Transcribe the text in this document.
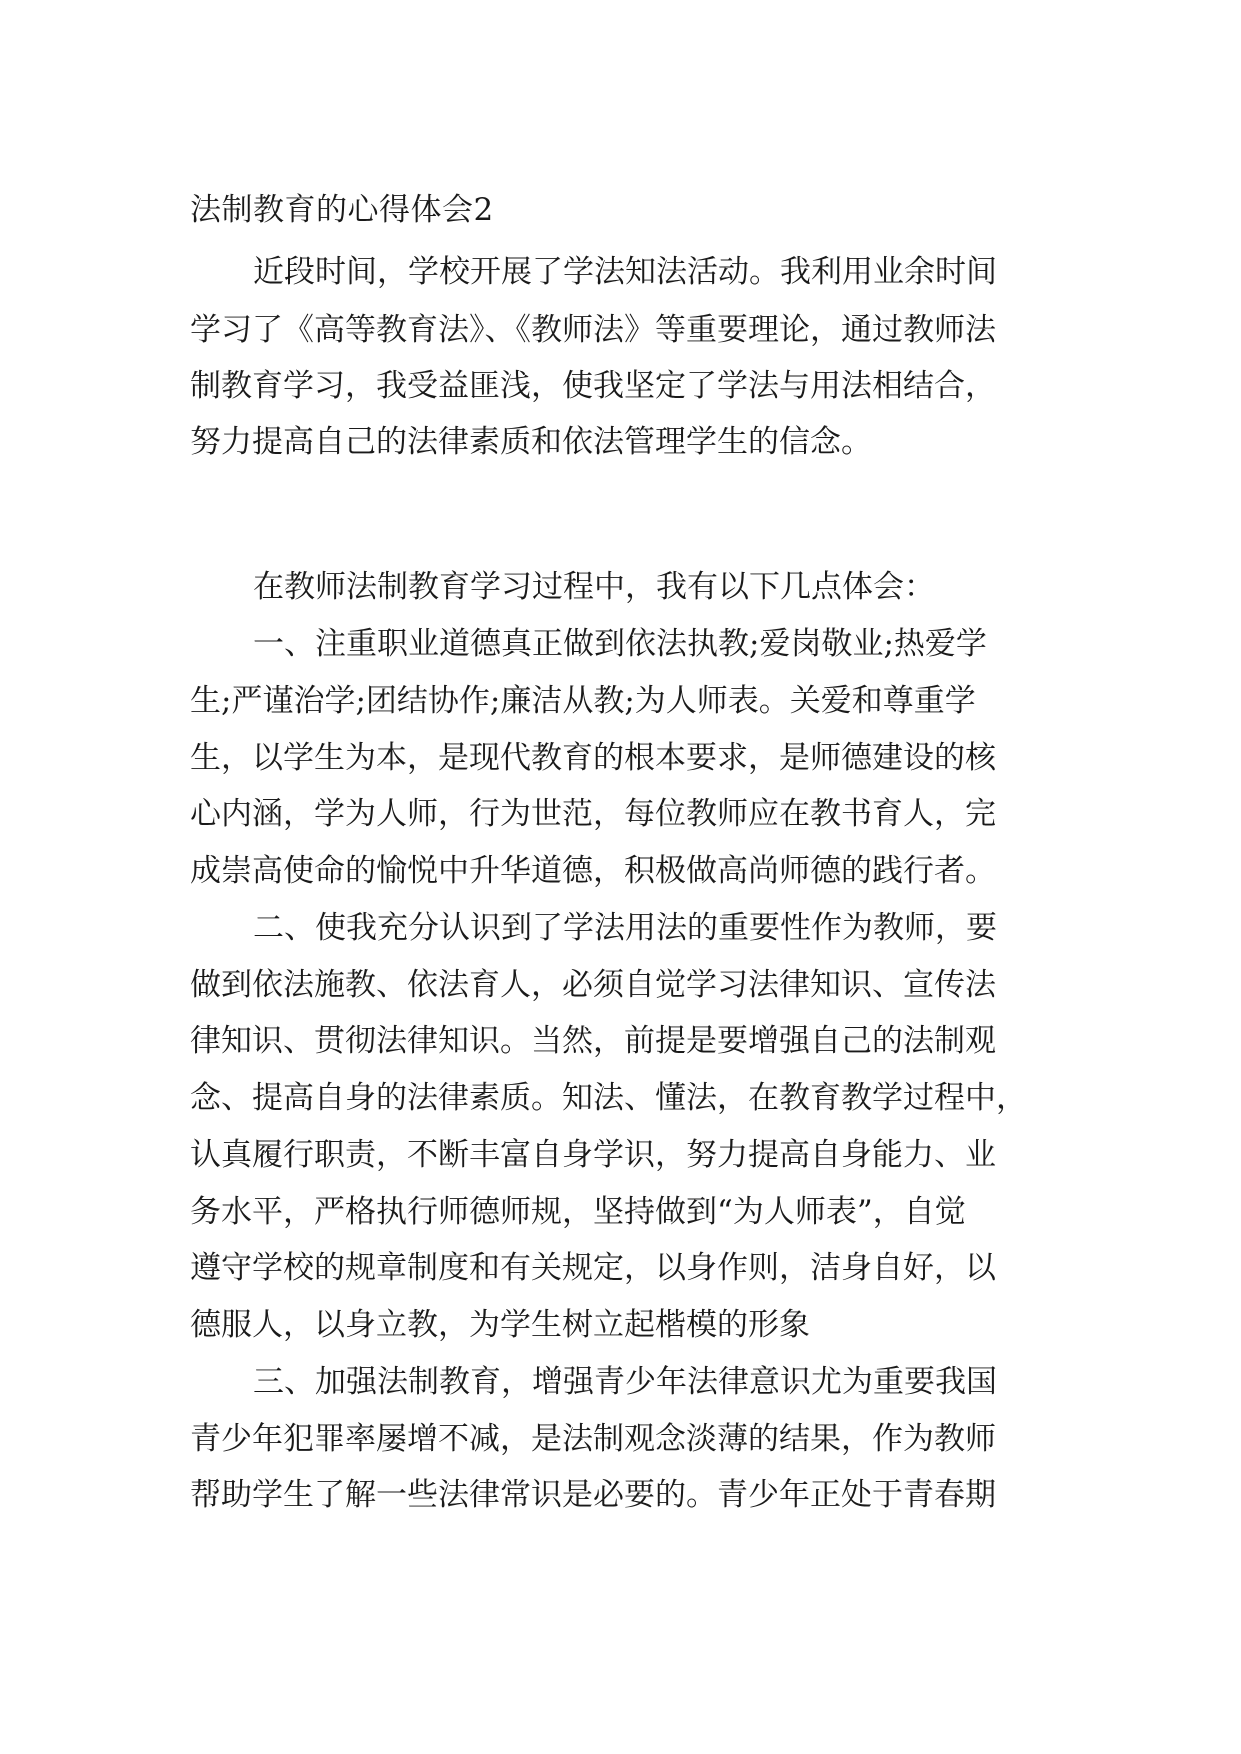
法制教育的心得体会2
近段时间，学校开展了学法知法活动。我利用业余时间
学习了《高等教育法》、《教师法》等重要理论，通过教师法
制教育学习，我受益匪浅，使我坚定了学法与用法相结合，
努力提高自己的法律素质和依法管理学生的信念。
在教师法制教育学习过程中，我有以下几点体会：
一、注重职业道德真正做到依法执教;爱岗敬业;热爱学
生;严谨治学;团结协作;廉洁从教;为人师表。关爱和尊重学
生，以学生为本，是现代教育的根本要求，是师德建设的核
心内涵，学为人师，行为世范，每位教师应在教书育人，完
成崇高使命的愉悦中升华道德，积极做高尚师德的践行者。
二、使我充分认识到了学法用法的重要性作为教师，要
做到依法施教、依法育人，必须自觉学习法律知识、宣传法
律知识、贯彻法律知识。当然，前提是要增强自己的法制观
念、提高自身的法律素质。知法、懂法，在教育教学过程中，
认真履行职责，不断丰富自身学识，努力提高自身能力、业
务水平，严格执行师德师规，坚持做到“为人师表”，自觉
遵守学校的规章制度和有关规定，以身作则，洁身自好，以
德服人，以身立教，为学生树立起楷模的形象
三、加强法制教育，增强青少年法律意识尤为重要我国
青少年犯罪率屡增不减，是法制观念淡薄的结果，作为教师
帮助学生了解一些法律常识是必要的。青少年正处于青春期
